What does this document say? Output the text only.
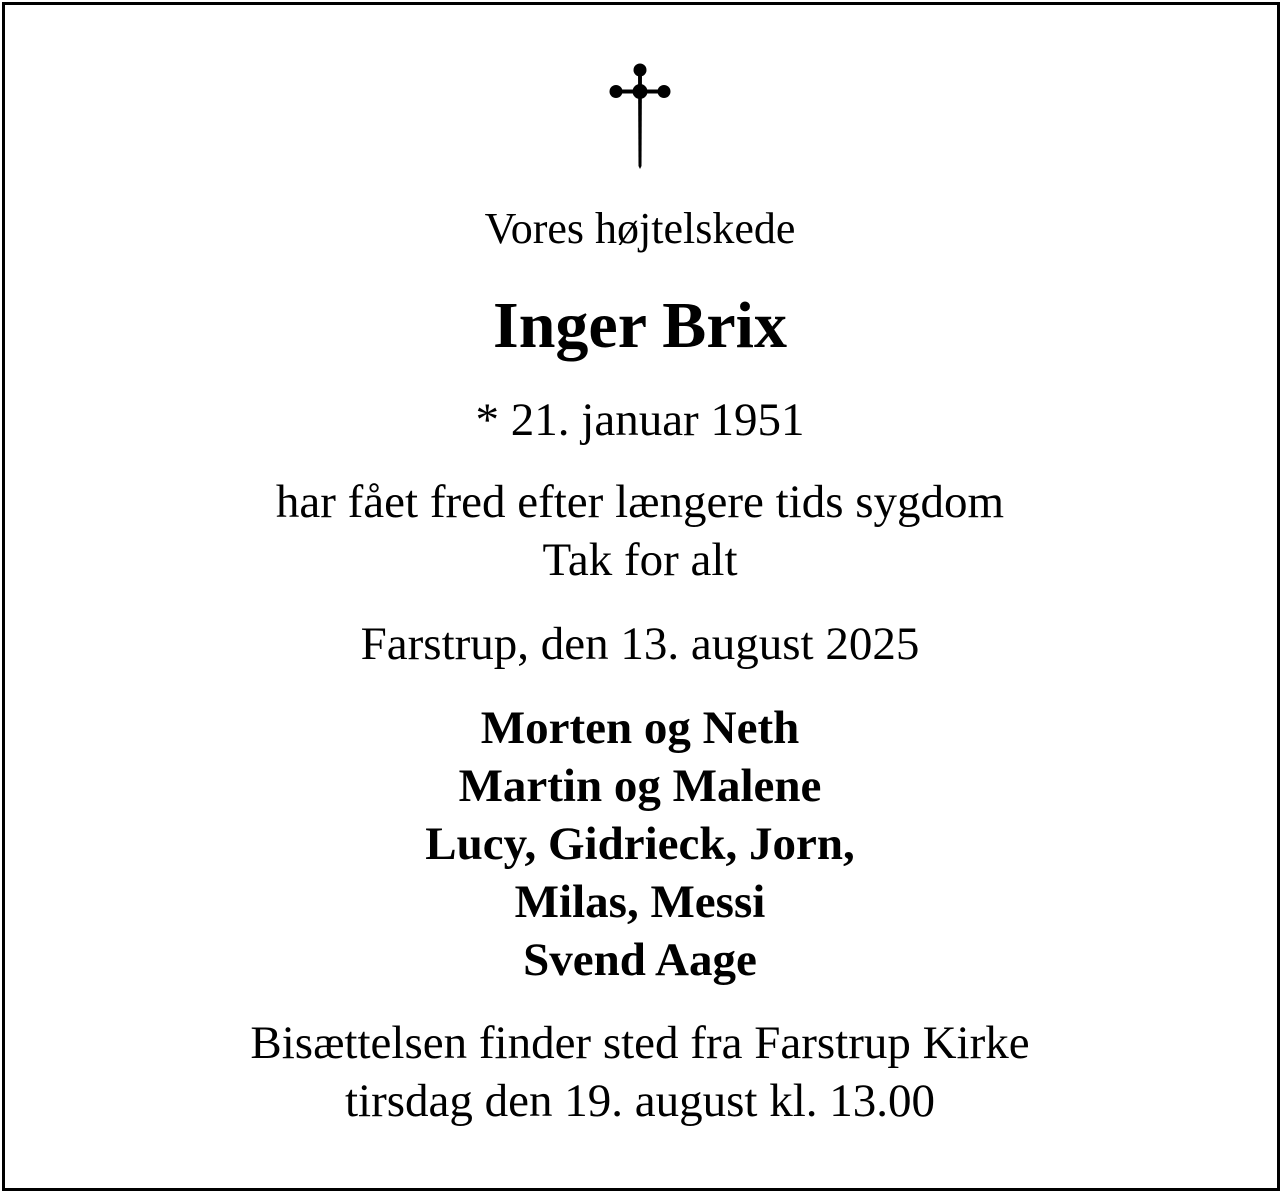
Vores højtelskede
Inger Brix
* 21. januar 1951
har fået fred efter længere tids sygdom
Tak for alt
Farstrup, den 13. august 2025
Morten og Neth
Martin og Malene
Lucy, Gidrieck, Jorn,
Milas, Messi
Svend Aage
Bisættelsen finder sted fra Farstrup Kirke
tirsdag den 19. august kl. 13.00
